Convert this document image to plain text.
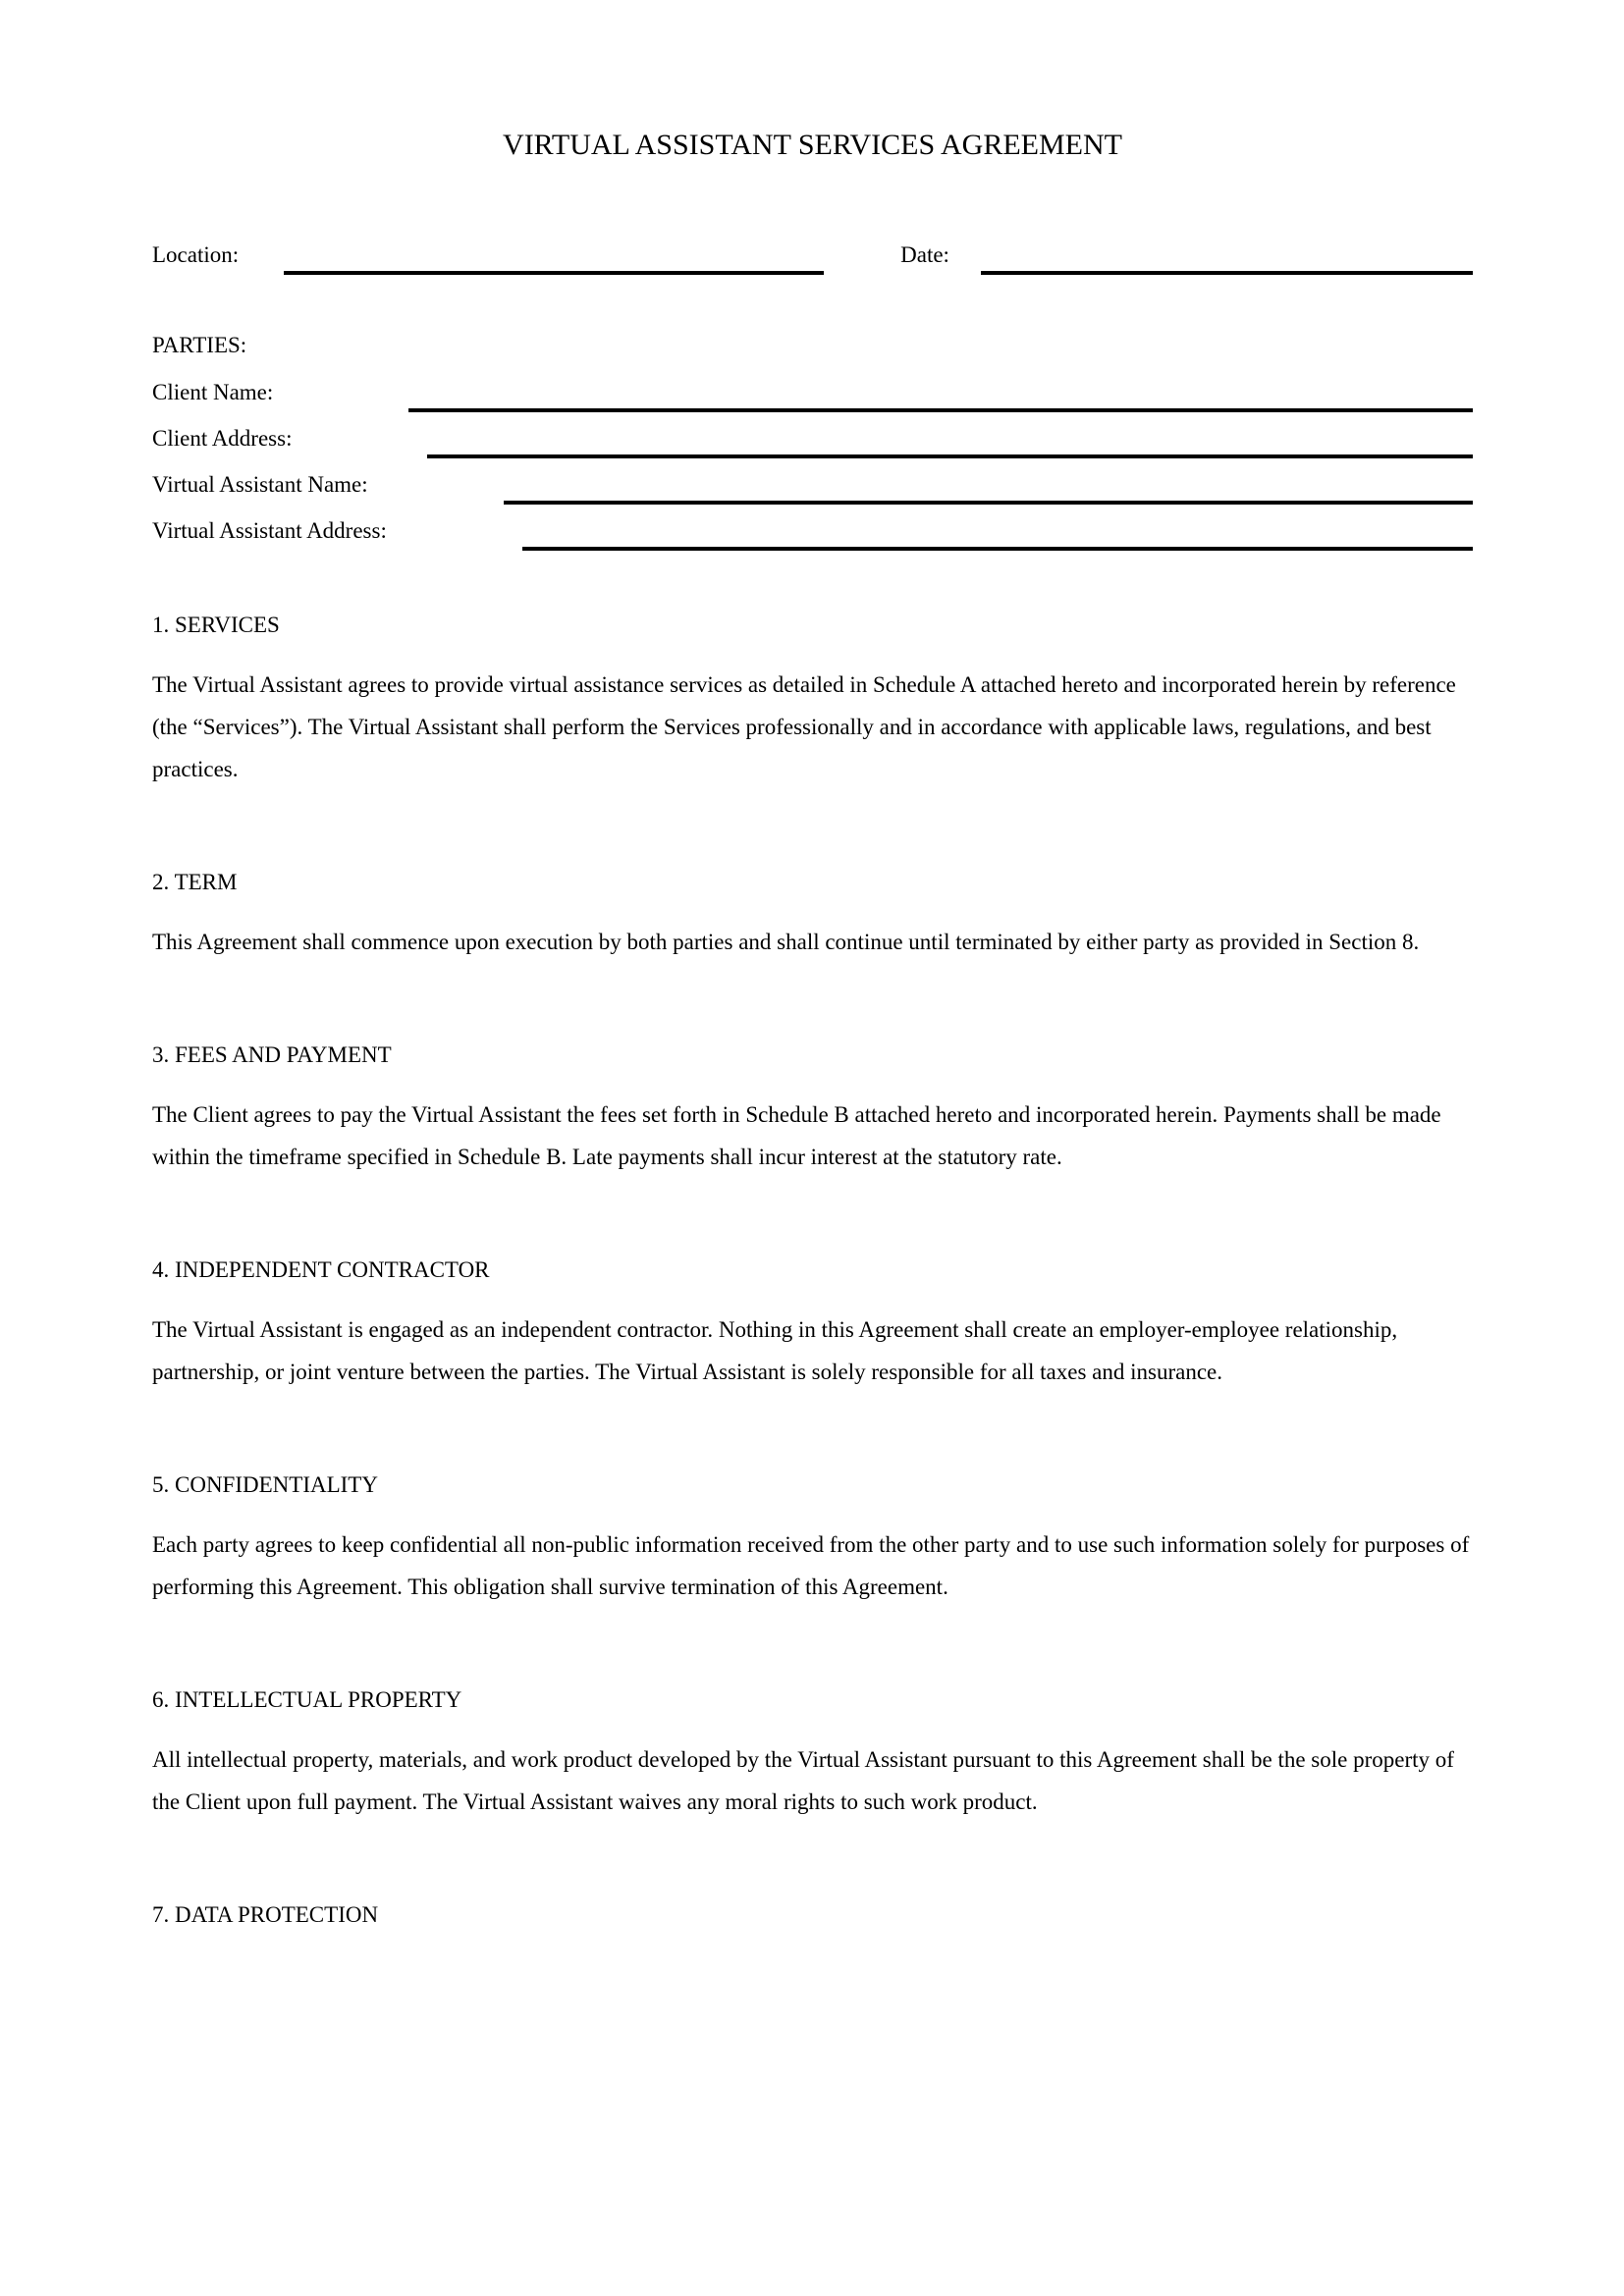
VIRTUAL ASSISTANT SERVICES AGREEMENT
Location:	Date:
PARTIES:
Client Name:
Client Address:
Virtual Assistant Name:
Virtual Assistant Address:
1. SERVICES

The Virtual Assistant agrees to provide virtual assistance services as detailed in Schedule A attached hereto and incorporated herein by reference (the “Services”). The Virtual Assistant shall perform the Services professionally and in accordance with applicable laws, regulations, and best practices.

2. TERM

This Agreement shall commence upon execution by both parties and shall continue until terminated by either party as provided in Section 8.

3. FEES AND PAYMENT

The Client agrees to pay the Virtual Assistant the fees set forth in Schedule B attached hereto and incorporated herein. Payments shall be made within the timeframe specified in Schedule B. Late payments shall incur interest at the statutory rate.

4. INDEPENDENT CONTRACTOR

The Virtual Assistant is engaged as an independent contractor. Nothing in this Agreement shall create an employer-employee relationship, partnership, or joint venture between the parties. The Virtual Assistant is solely responsible for all taxes and insurance.

5. CONFIDENTIALITY

Each party agrees to keep confidential all non-public information received from the other party and to use such information solely for purposes of performing this Agreement. This obligation shall survive termination of this Agreement.

6. INTELLECTUAL PROPERTY

All intellectual property, materials, and work product developed by the Virtual Assistant pursuant to this Agreement shall be the sole property of the Client upon full payment. The Virtual Assistant waives any moral rights to such work product.

7. DATA PROTECTION
